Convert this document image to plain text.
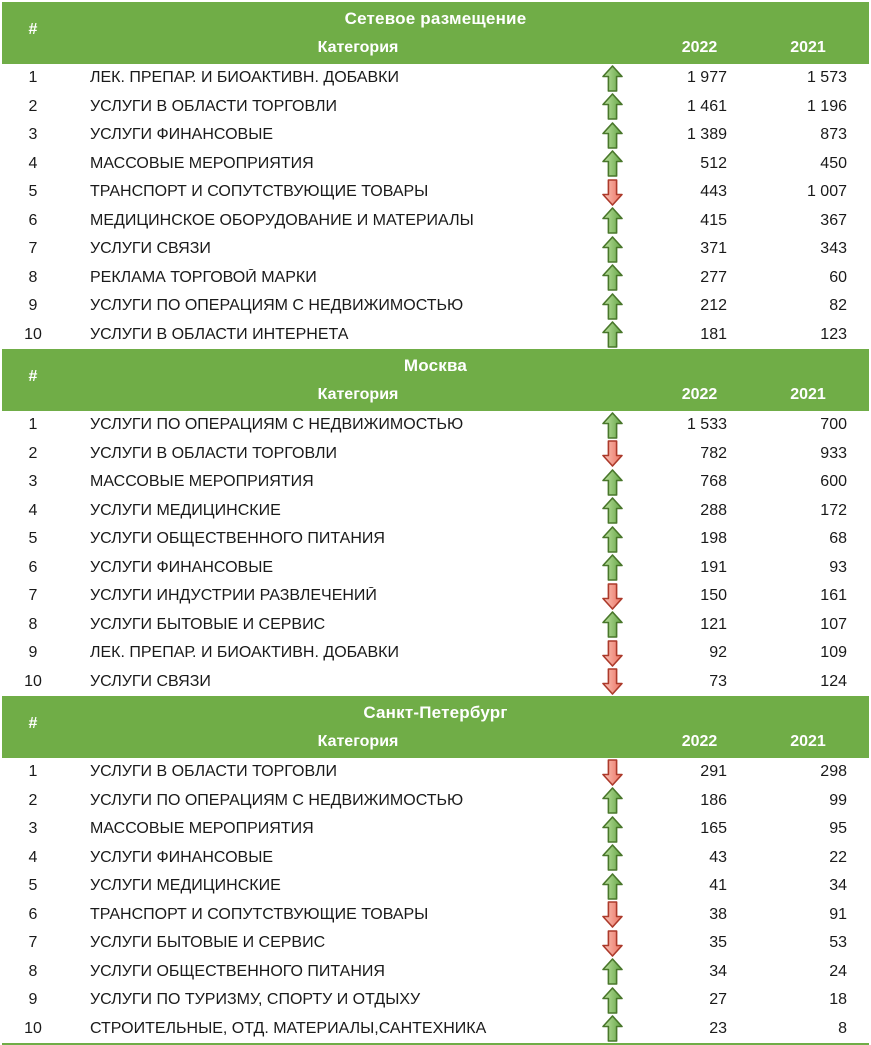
#
Сетевое размещение
Категория	2022	2021
1	ЛЕК. ПРЕПАР. И БИОАКТИВН. ДОБАВКИ	1 977	1 573
2	УСЛУГИ В ОБЛАСТИ ТОРГОВЛИ	1 461	1 196
3	УСЛУГИ ФИНАНСОВЫЕ	1 389	873
4	МАССОВЫЕ МЕРОПРИЯТИЯ	512	450
5	ТРАНСПОРТ И СОПУТСТВУЮЩИЕ ТОВАРЫ	443	1 007
6	МЕДИЦИНСКОЕ ОБОРУДОВАНИЕ И МАТЕРИАЛЫ	415	367
7	УСЛУГИ СВЯЗИ	371	343
8	РЕКЛАМА ТОРГОВОЙ МАРКИ	277	60
9	УСЛУГИ ПО ОПЕРАЦИЯМ С НЕДВИЖИМОСТЬЮ	212	82
10	УСЛУГИ В ОБЛАСТИ ИНТЕРНЕТА	181	123
#
Москва
Категория	2022	2021
1	УСЛУГИ ПО ОПЕРАЦИЯМ С НЕДВИЖИМОСТЬЮ	1 533	700
2	УСЛУГИ В ОБЛАСТИ ТОРГОВЛИ	782	933
3	МАССОВЫЕ МЕРОПРИЯТИЯ	768	600
4	УСЛУГИ МЕДИЦИНСКИЕ	288	172
5	УСЛУГИ ОБЩЕСТВЕННОГО ПИТАНИЯ	198	68
6	УСЛУГИ ФИНАНСОВЫЕ	191	93
7	УСЛУГИ ИНДУСТРИИ РАЗВЛЕЧЕНИЙ	150	161
8	УСЛУГИ БЫТОВЫЕ И СЕРВИС	121	107
9	ЛЕК. ПРЕПАР. И БИОАКТИВН. ДОБАВКИ	92	109
10	УСЛУГИ СВЯЗИ	73	124
#
Санкт-Петербург
Категория	2022	2021
1	УСЛУГИ В ОБЛАСТИ ТОРГОВЛИ	291	298
2	УСЛУГИ ПО ОПЕРАЦИЯМ С НЕДВИЖИМОСТЬЮ	186	99
3	МАССОВЫЕ МЕРОПРИЯТИЯ	165	95
4	УСЛУГИ ФИНАНСОВЫЕ	43	22
5	УСЛУГИ МЕДИЦИНСКИЕ	41	34
6	ТРАНСПОРТ И СОПУТСТВУЮЩИЕ ТОВАРЫ	38	91
7	УСЛУГИ БЫТОВЫЕ И СЕРВИС	35	53
8	УСЛУГИ ОБЩЕСТВЕННОГО ПИТАНИЯ	34	24
9	УСЛУГИ ПО ТУРИЗМУ, СПОРТУ И ОТДЫХУ	27	18
10	СТРОИТЕЛЬНЫЕ, ОТД. МАТЕРИАЛЫ,САНТЕХНИКА	23	8
